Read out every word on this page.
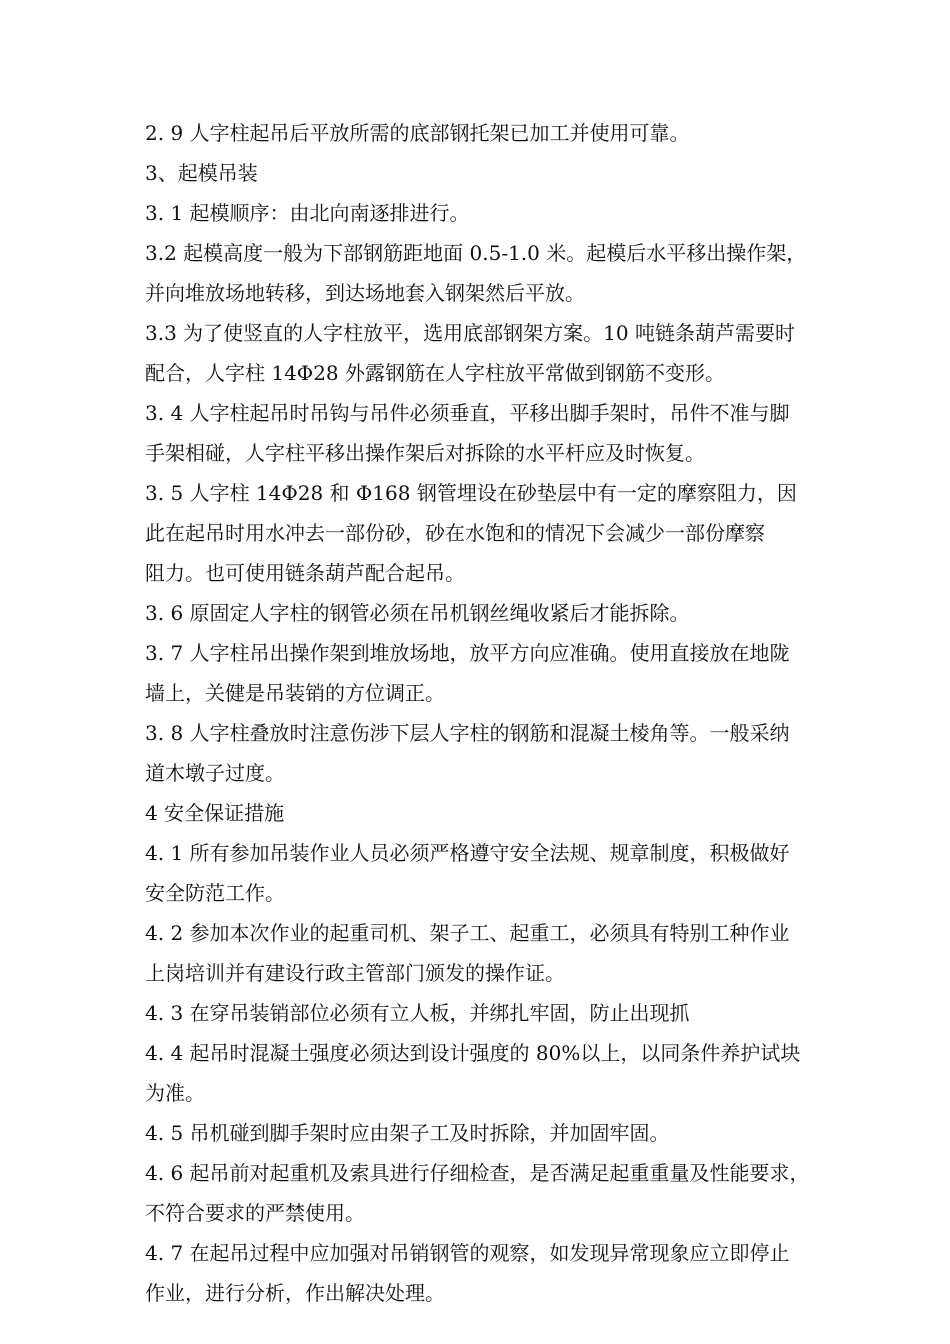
2. 9 人字柱起吊后平放所需的底部钢托架已加工并使用可靠。
3、起模吊装
3. 1 起模顺序：由北向南逐排进行。
3.2 起模高度一般为下部钢筋距地面 0.5-1.0 米。起模后水平移出操作架，
并向堆放场地转移，到达场地套入钢架然后平放。
3.3 为了使竖直的人字柱放平，选用底部钢架方案。10 吨链条葫芦需要时
配合，人字柱 14Φ28 外露钢筋在人字柱放平常做到钢筋不变形。
3. 4 人字柱起吊时吊钩与吊件必须垂直，平移出脚手架时，吊件不准与脚
手架相碰，人字柱平移出操作架后对拆除的水平杆应及时恢复。
3. 5 人字柱 14Φ28 和 Φ168 钢管埋设在砂垫层中有一定的摩察阻力，因
此在起吊时用水冲去一部份砂，砂在水饱和的情况下会减少一部份摩察
阻力。也可使用链条葫芦配合起吊。
3. 6 原固定人字柱的钢管必须在吊机钢丝绳收紧后才能拆除。
3. 7 人字柱吊出操作架到堆放场地，放平方向应准确。使用直接放在地陇
墙上，关健是吊装销的方位调正。
3. 8 人字柱叠放时注意伤涉下层人字柱的钢筋和混凝土棱角等。一般采纳
道木墩子过度。
4 安全保证措施
4. 1 所有参加吊装作业人员必须严格遵守安全法规、规章制度，积极做好
安全防范工作。
4. 2 参加本次作业的起重司机、架子工、起重工，必须具有特别工种作业
上岗培训并有建设行政主管部门颁发的操作证。
4. 3 在穿吊装销部位必须有立人板，并绑扎牢固，防止出现抓
4. 4 起吊时混凝土强度必须达到设计强度的 80%以上，以同条件养护试块
为准。
4. 5 吊机碰到脚手架时应由架子工及时拆除，并加固牢固。
4. 6 起吊前对起重机及索具进行仔细检查，是否满足起重重量及性能要求，
不符合要求的严禁使用。
4. 7 在起吊过程中应加强对吊销钢管的观察，如发现异常现象应立即停止
作业，进行分析，作出解决处理。
